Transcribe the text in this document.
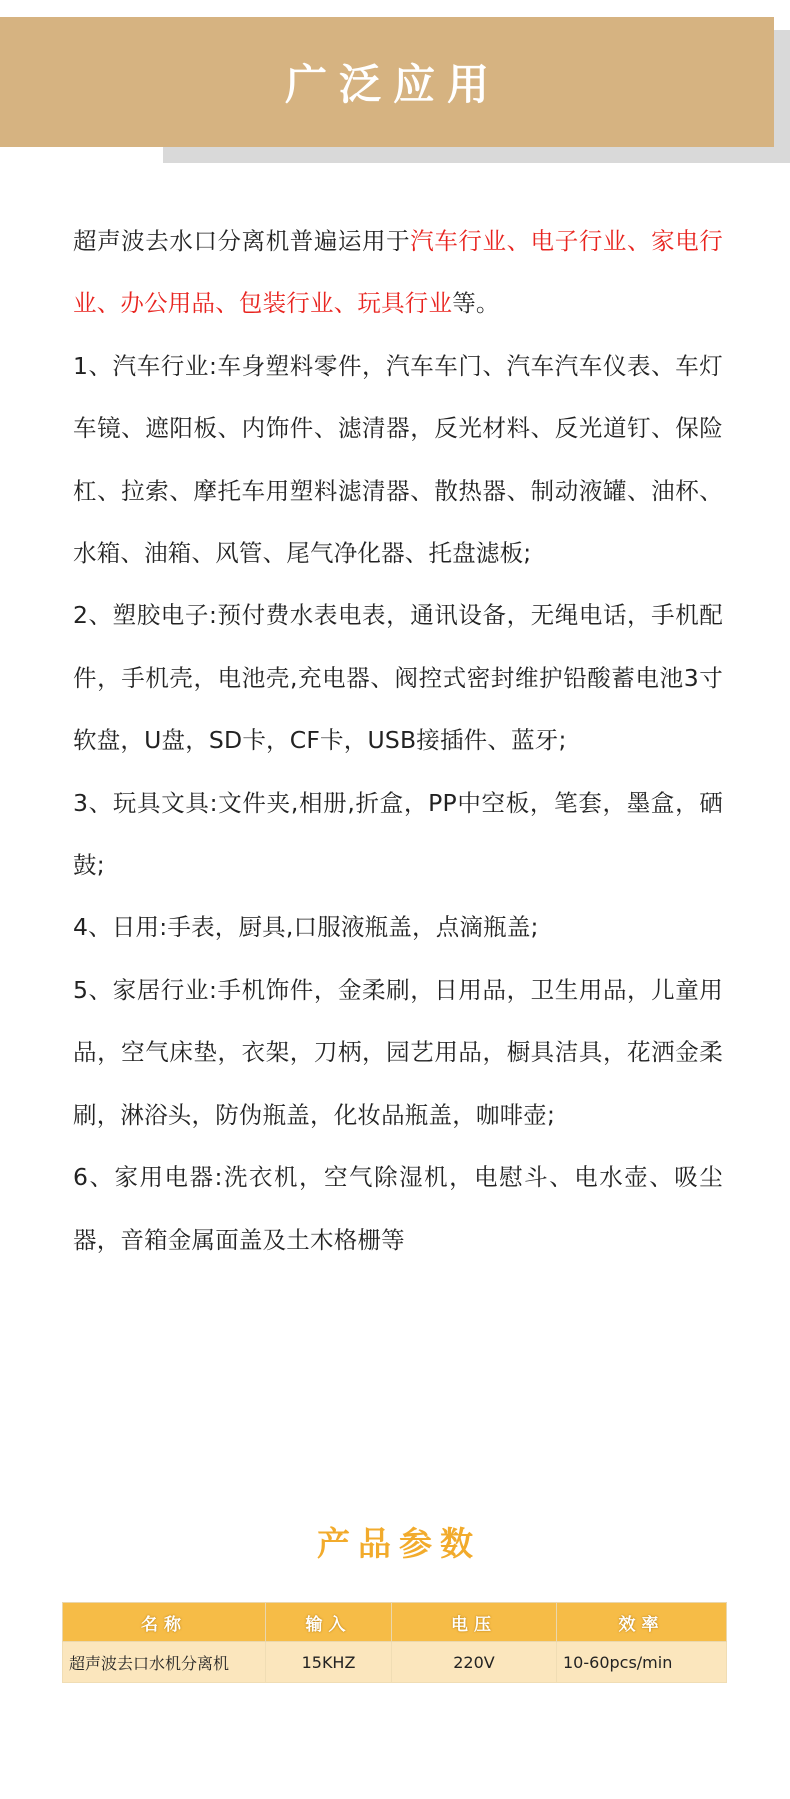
广泛应用

超声波去水口分离机普遍运用于汽车行业、电子行业、家电行业、办公用品、包装行业、玩具行业等。

1、汽车行业:车身塑料零件，汽车车门、汽车汽车仪表、车灯车镜、遮阳板、内饰件、滤清器，反光材料、反光道钉、保险杠、拉索、摩托车用塑料滤清器、散热器、制动液罐、油杯、水箱、油箱、风管、尾气净化器、托盘滤板;

2、塑胶电子:预付费水表电表，通讯设备，无绳电话，手机配件，手机壳，电池壳,充电器、阀控式密封维护铅酸蓄电池3寸软盘，U盘，SD卡，CF卡，USB接插件、蓝牙;

3、玩具文具:文件夹,相册,折盒，PP中空板，笔套，墨盒，硒鼓;

4、日用:手表，厨具,口服液瓶盖，点滴瓶盖;

5、家居行业:手机饰件，金柔刷，日用品，卫生用品，儿童用品，空气床垫，衣架，刀柄，园艺用品，橱具洁具，花洒金柔刷，淋浴头，防伪瓶盖，化妆品瓶盖，咖啡壶;

6、家用电器:洗衣机，空气除湿机，电慰斗、电水壶、吸尘器，音箱金属面盖及土木格栅等

产品参数
名称	输入	电压	效率
超声波去口水机分离机	15KHZ	220V	10-60pcs/min
